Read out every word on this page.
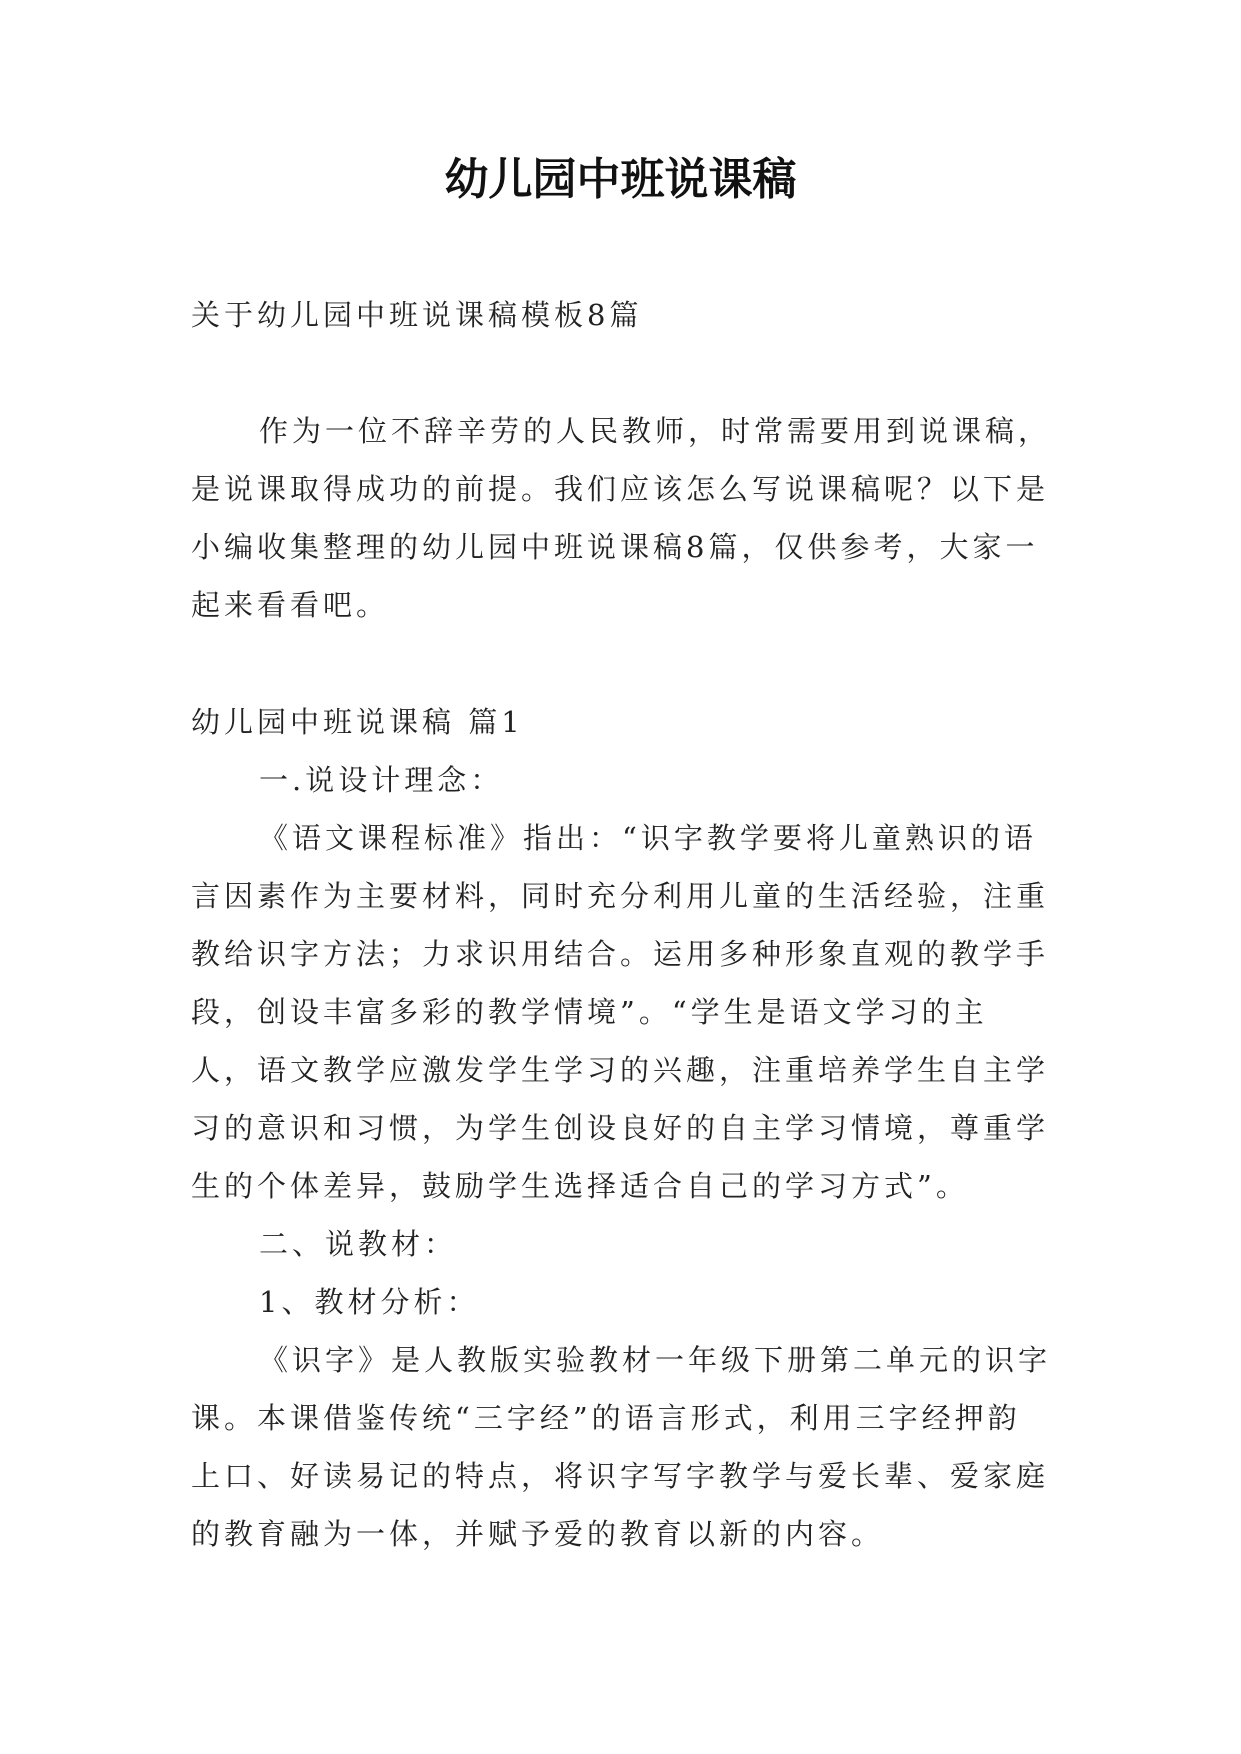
幼儿园中班说课稿

关于幼儿园中班说课稿模板8篇

作为一位不辞辛劳的人民教师，时常需要用到说课稿，是说课取得成功的前提。我们应该怎么写说课稿呢？以下是小编收集整理的幼儿园中班说课稿8篇，仅供参考，大家一起来看看吧。

幼儿园中班说课稿 篇1

一.说设计理念：

《语文课程标准》指出：“识字教学要将儿童熟识的语言因素作为主要材料，同时充分利用儿童的生活经验，注重教给识字方法；力求识用结合。运用多种形象直观的教学手段，创设丰富多彩的教学情境”。“学生是语文学习的主人，语文教学应激发学生学习的兴趣，注重培养学生自主学习的意识和习惯，为学生创设良好的自主学习情境，尊重学生的个体差异，鼓励学生选择适合自己的学习方式”。

二、说教材：

1、教材分析：

《识字》是人教版实验教材一年级下册第二单元的识字课。本课借鉴传统“三字经”的语言形式，利用三字经押韵上口、好读易记的特点，将识字写字教学与爱长辈、爱家庭的教育融为一体，并赋予爱的教育以新的内容。
